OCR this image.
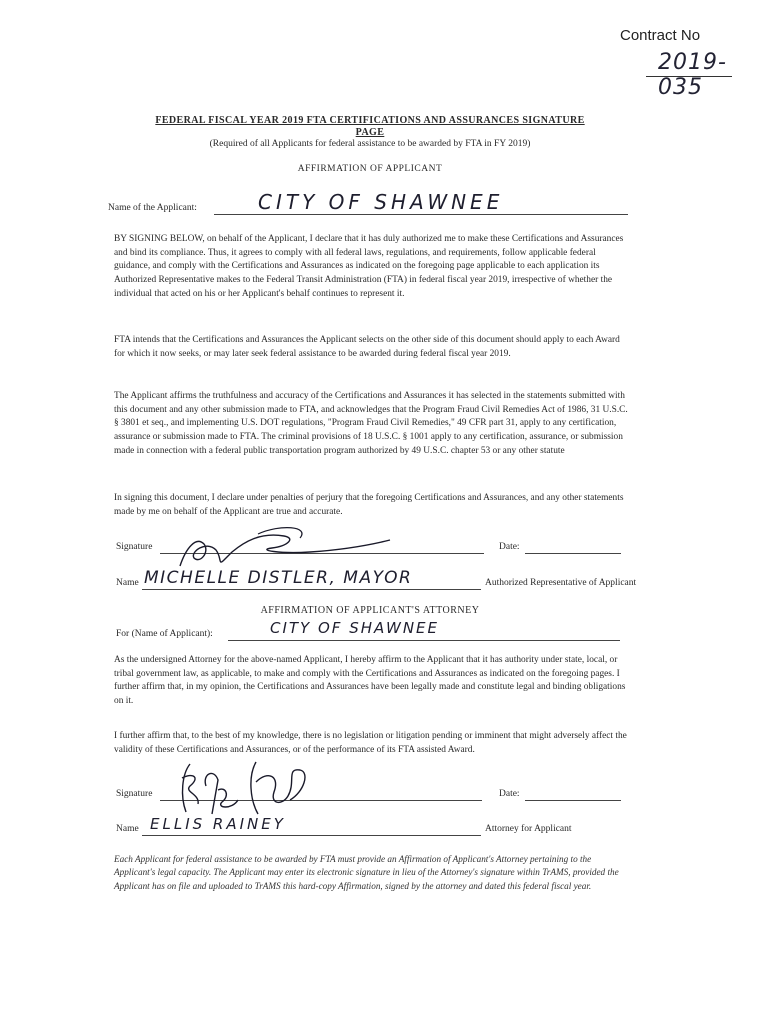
Contract No
2019- 035
FEDERAL FISCAL YEAR 2019 FTA CERTIFICATIONS AND ASSURANCES SIGNATURE PAGE
(Required of all Applicants for federal assistance to be awarded by FTA in FY 2019)
AFFIRMATION OF APPLICANT
Name of the Applicant:	CITY OF SHAWNEE

BY SIGNING BELOW, on behalf of the Applicant, I declare that it has duly authorized me to make these Certifications and Assurances and bind its compliance. Thus, it agrees to comply with all federal laws, regulations, and requirements, follow applicable federal guidance, and comply with the Certifications and Assurances as indicated on the foregoing page applicable to each application its Authorized Representative makes to the Federal Transit Administration (FTA) in federal fiscal year 2019, irrespective of whether the individual that acted on his or her Applicant's behalf continues to represent it.

FTA intends that the Certifications and Assurances the Applicant selects on the other side of this document should apply to each Award for which it now seeks, or may later seek federal assistance to be awarded during federal fiscal year 2019.

The Applicant affirms the truthfulness and accuracy of the Certifications and Assurances it has selected in the statements submitted with this document and any other submission made to FTA, and acknowledges that the Program Fraud Civil Remedies Act of 1986, 31 U.S.C. § 3801 et seq., and implementing U.S. DOT regulations, "Program Fraud Civil Remedies," 49 CFR part 31, apply to any certification, assurance or submission made to FTA. The criminal provisions of 18 U.S.C. § 1001 apply to any certification, assurance, or submission made in connection with a federal public transportation program authorized by 49 U.S.C. chapter 53 or any other statute

In signing this document, I declare under penalties of perjury that the foregoing Certifications and Assurances, and any other statements made by me on behalf of the Applicant are true and accurate.

Signature	Date:
Name MICHELLE DISTLER, MAYOR	Authorized Representative of Applicant
AFFIRMATION OF APPLICANT'S ATTORNEY
For (Name of Applicant):	CITY OF SHAWNEE

As the undersigned Attorney for the above-named Applicant, I hereby affirm to the Applicant that it has authority under state, local, or tribal government law, as applicable, to make and comply with the Certifications and Assurances as indicated on the foregoing pages. I further affirm that, in my opinion, the Certifications and Assurances have been legally made and constitute legal and binding obligations on it.

I further affirm that, to the best of my knowledge, there is no legislation or litigation pending or imminent that might adversely affect the validity of these Certifications and Assurances, or of the performance of its FTA assisted Award.

Signature	Date:
Name ELLIS RAINEY	Attorney for Applicant

Each Applicant for federal assistance to be awarded by FTA must provide an Affirmation of Applicant's Attorney pertaining to the Applicant's legal capacity. The Applicant may enter its electronic signature in lieu of the Attorney's signature within TrAMS, provided the Applicant has on file and uploaded to TrAMS this hard-copy Affirmation, signed by the attorney and dated this federal fiscal year.
